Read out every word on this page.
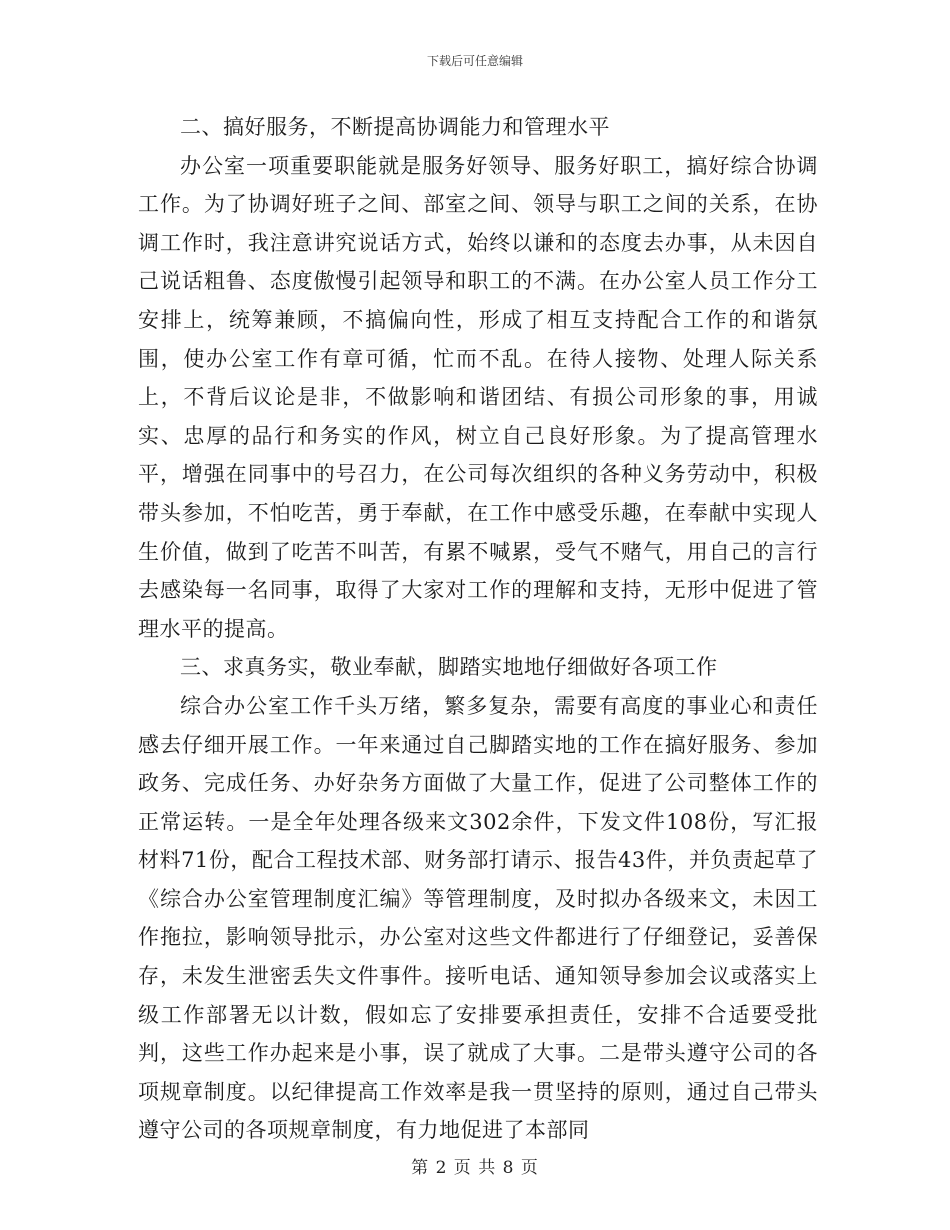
下载后可任意编辑

二、搞好服务，不断提高协调能力和管理水平

办公室一项重要职能就是服务好领导、服务好职工，搞好综合协调工作。为了协调好班子之间、部室之间、领导与职工之间的关系，在协调工作时，我注意讲究说话方式，始终以谦和的态度去办事，从未因自己说话粗鲁、态度傲慢引起领导和职工的不满。在办公室人员工作分工安排上，统筹兼顾，不搞偏向性，形成了相互支持配合工作的和谐氛围，使办公室工作有章可循，忙而不乱。在待人接物、处理人际关系上，不背后议论是非，不做影响和谐团结、有损公司形象的事，用诚实、忠厚的品行和务实的作风，树立自己良好形象。为了提高管理水平，增强在同事中的号召力，在公司每次组织的各种义务劳动中，积极带头参加，不怕吃苦，勇于奉献，在工作中感受乐趣，在奉献中实现人生价值，做到了吃苦不叫苦，有累不喊累，受气不赌气，用自己的言行去感染每一名同事，取得了大家对工作的理解和支持，无形中促进了管理水平的提高。

三、求真务实，敬业奉献，脚踏实地地仔细做好各项工作

综合办公室工作千头万绪，繁多复杂，需要有高度的事业心和责任感去仔细开展工作。一年来通过自己脚踏实地的工作在搞好服务、参加政务、完成任务、办好杂务方面做了大量工作，促进了公司整体工作的正常运转。一是全年处理各级来文302余件，下发文件108份，写汇报材料71份，配合工程技术部、财务部打请示、报告43件，并负责起草了《综合办公室管理制度汇编》等管理制度，及时拟办各级来文，未因工作拖拉，影响领导批示，办公室对这些文件都进行了仔细登记，妥善保存，未发生泄密丢失文件事件。接听电话、通知领导参加会议或落实上级工作部署无以计数，假如忘了安排要承担责任，安排不合适要受批判，这些工作办起来是小事，误了就成了大事。二是带头遵守公司的各项规章制度。以纪律提高工作效率是我一贯坚持的原则，通过自己带头遵守公司的各项规章制度，有力地促进了本部同

第 2 页 共 8 页
